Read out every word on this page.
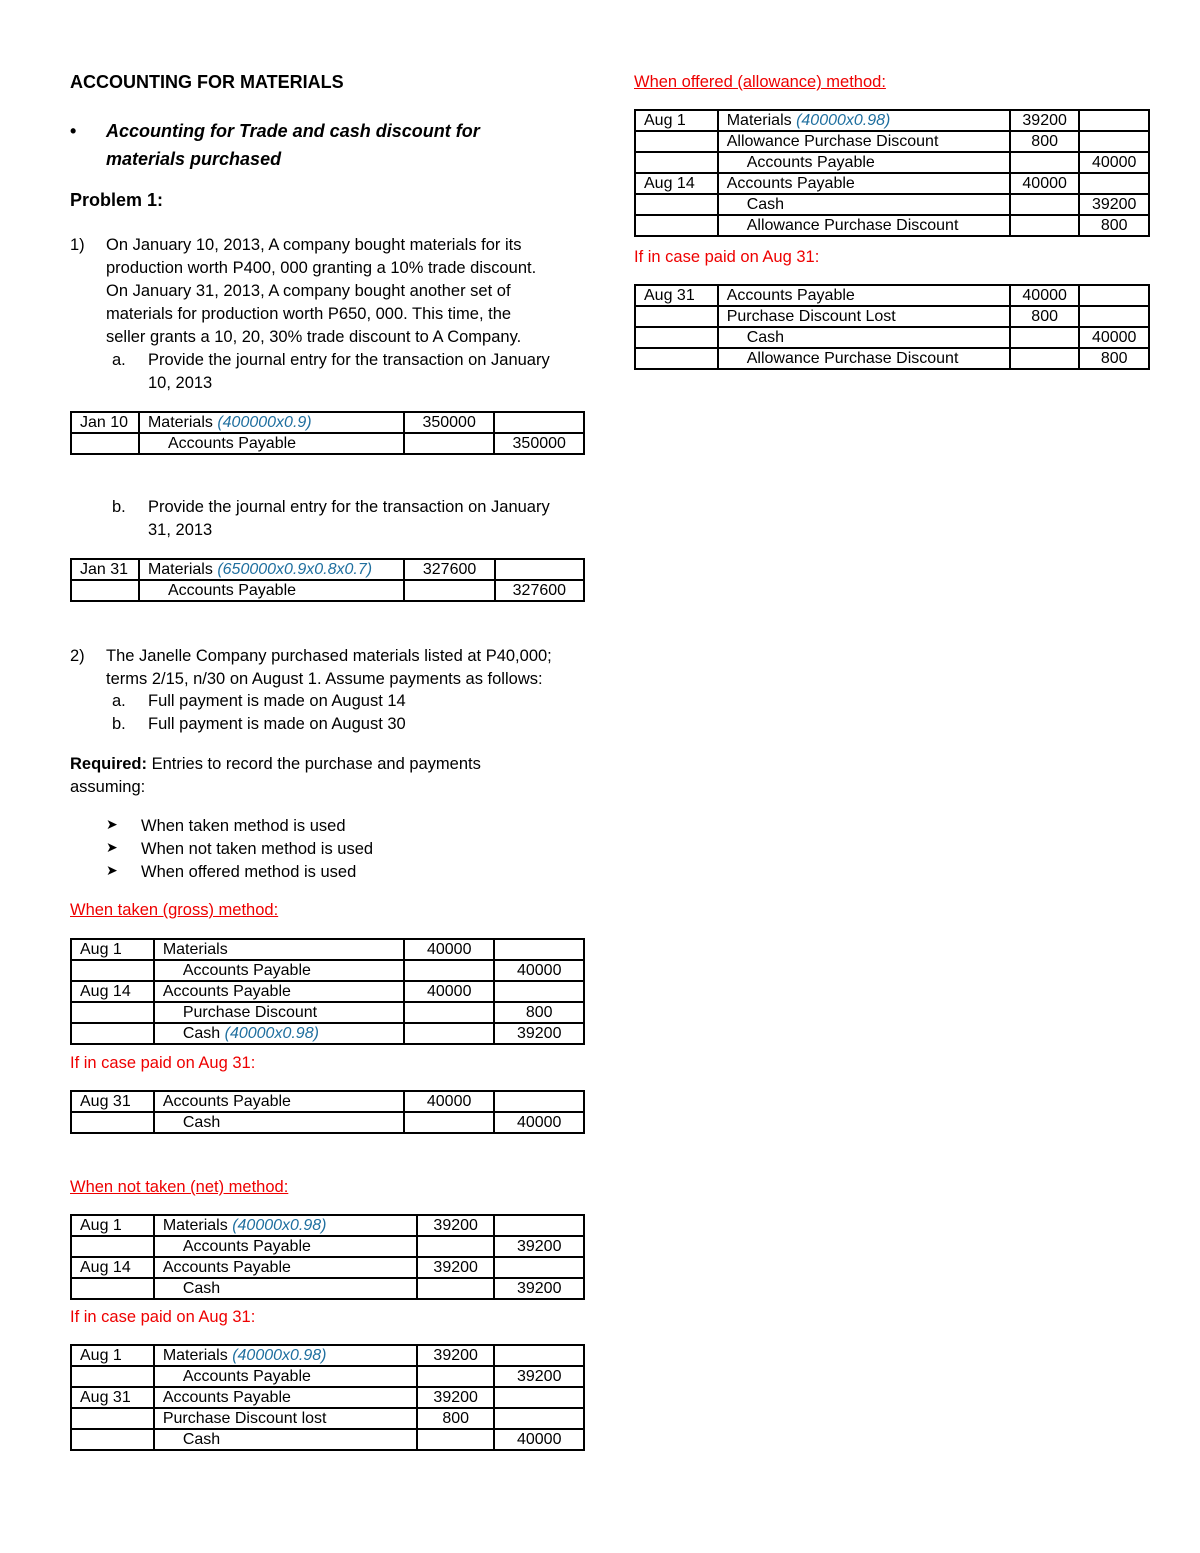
ACCOUNTING FOR MATERIALS
• Accounting for Trade and cash discount for materials purchased
Problem 1:
1) On January 10, 2013, A company bought materials for its
production worth P400, 000 granting a 10% trade discount.
On January 31, 2013, A company bought another set of
materials for production worth P650, 000. This time, the
seller grants a 10, 20, 30% trade discount to A Company.
a. Provide the journal entry for the transaction on January
10, 2013
Jan 10	Materials (400000x0.9)	350000	
	Accounts Payable		350000
b. Provide the journal entry for the transaction on January
31, 2013
Jan 31	Materials (650000x0.9x0.8x0.7)	327600	
	Accounts Payable		327600
2) The Janelle Company purchased materials listed at P40,000;
terms 2/15, n/30 on August 1. Assume payments as follows:
a. Full payment is made on August 14
b. Full payment is made on August 30
Required: Entries to record the purchase and payments
assuming:
➤ When taken method is used
➤ When not taken method is used
➤ When offered method is used
When taken (gross) method:
Aug 1	Materials	40000	
	Accounts Payable		40000
Aug 14	Accounts Payable	40000	
	Purchase Discount		800
	Cash (40000x0.98)		39200
If in case paid on Aug 31:
Aug 31	Accounts Payable	40000	
	Cash		40000
When not taken (net) method:
Aug 1	Materials (40000x0.98)	39200	
	Accounts Payable		39200
Aug 14	Accounts Payable	39200	
	Cash		39200
If in case paid on Aug 31:
Aug 1	Materials (40000x0.98)	39200	
	Accounts Payable		39200
Aug 31	Accounts Payable	39200	
	Purchase Discount lost	800	
	Cash		40000
When offered (allowance) method:
Aug 1	Materials (40000x0.98)	39200	
	Allowance Purchase Discount	800	
	Accounts Payable		40000
Aug 14	Accounts Payable	40000	
	Cash		39200
	Allowance Purchase Discount		800
If in case paid on Aug 31:
Aug 31	Accounts Payable	40000	
	Purchase Discount Lost	800	
	Cash		40000
	Allowance Purchase Discount		800
